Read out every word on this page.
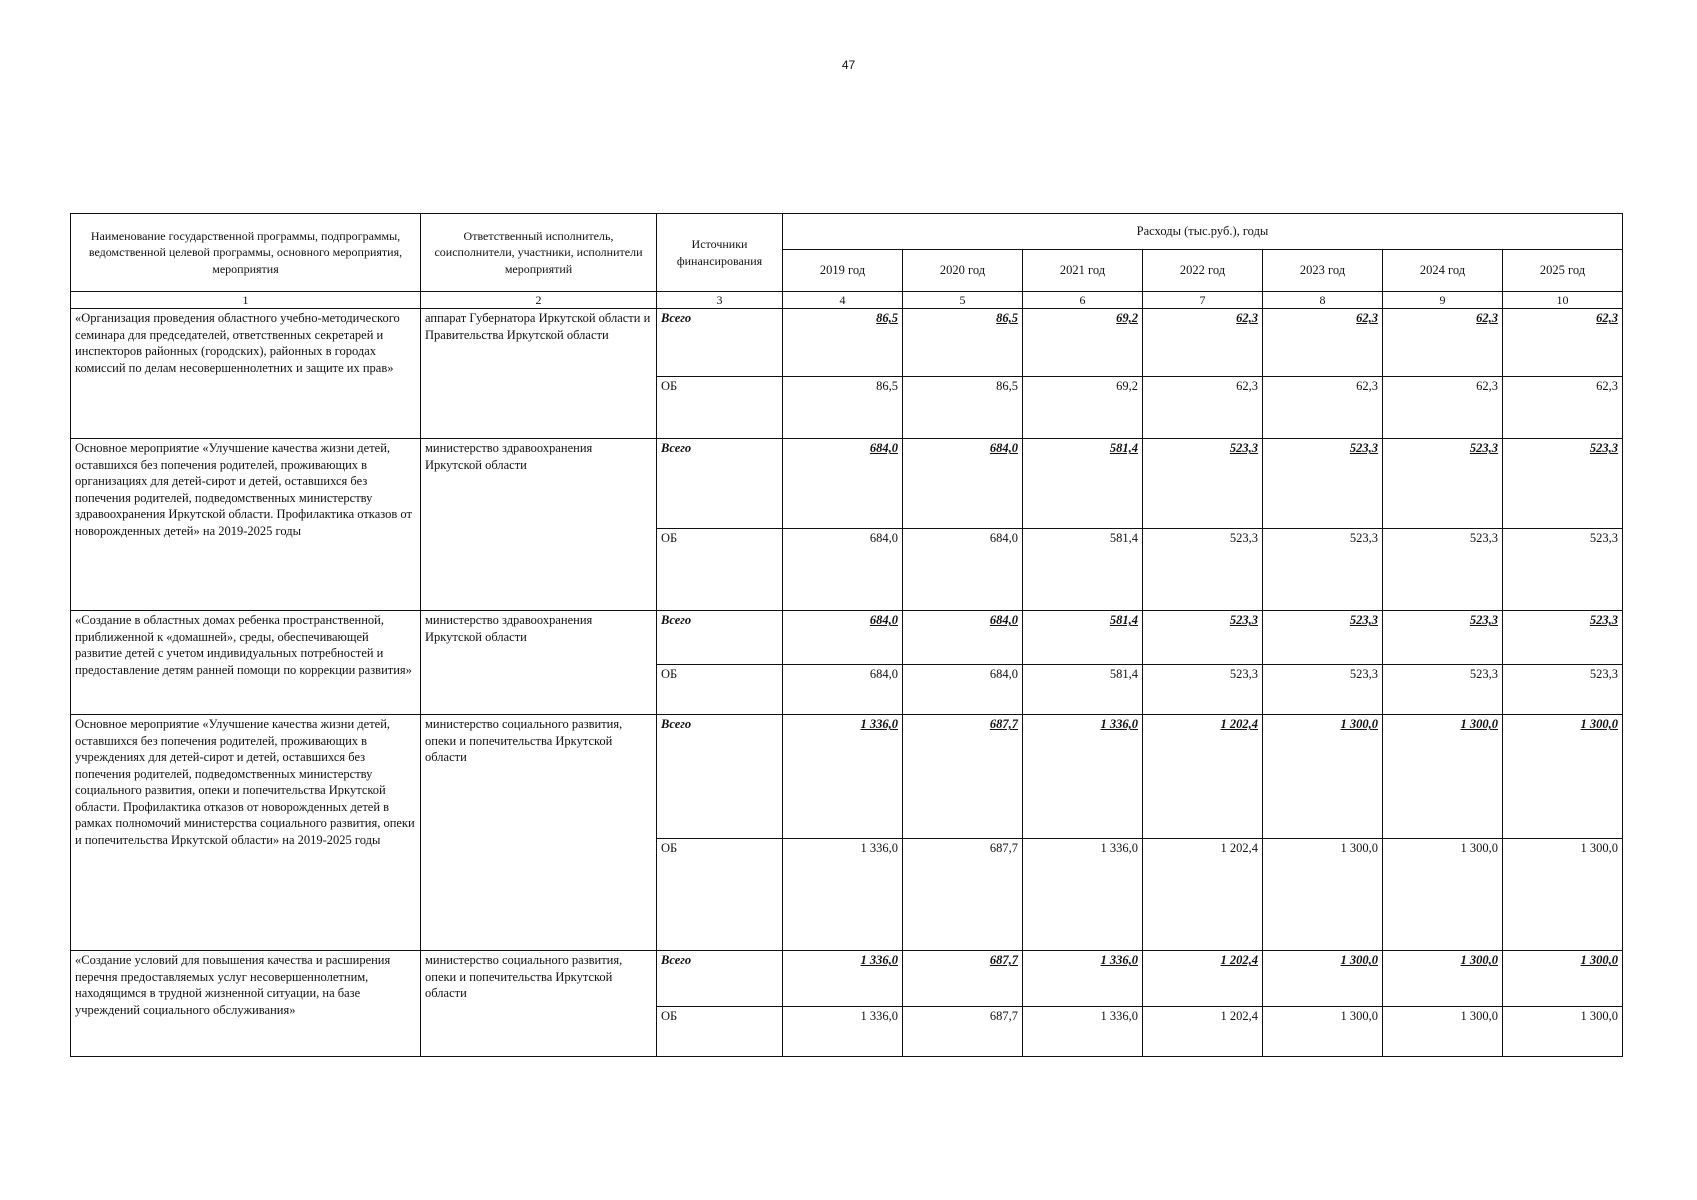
47
Наименование государственной программы, подпрограммы, ведомственной целевой программы, основного мероприятия, мероприятия	Ответственный исполнитель, соисполнители, участники, исполнители мероприятий	Источники финансирования	Расходы (тыс.руб.), годы						
			2019 год	2020 год	2021 год	2022 год	2023 год	2024 год	2025 год
1	2	3	4	5	6	7	8	9	10
«Организация проведения областного учебно-методического семинара для председателей, ответственных секретарей и инспекторов районных (городских), районных в городах комиссий по делам несовершеннолетних и защите их прав»	аппарат Губернатора Иркутской области и Правительства Иркутской области	Всего	86,5	86,5	69,2	62,3	62,3	62,3	62,3
		ОБ	86,5	86,5	69,2	62,3	62,3	62,3	62,3
Основное мероприятие «Улучшение качества жизни детей, оставшихся без попечения родителей, проживающих в организациях для детей-сирот и детей, оставшихся без попечения родителей, подведомственных министерству здравоохранения Иркутской области. Профилактика отказов от новорожденных детей» на 2019-2025 годы	министерство здравоохранения Иркутской области	Всего	684,0	684,0	581,4	523,3	523,3	523,3	523,3
		ОБ	684,0	684,0	581,4	523,3	523,3	523,3	523,3
«Создание в областных домах ребенка пространственной, приближенной к «домашней», среды, обеспечивающей развитие детей с учетом индивидуальных потребностей и предоставление детям ранней помощи по коррекции развития»	министерство здравоохранения Иркутской области	Всего	684,0	684,0	581,4	523,3	523,3	523,3	523,3
		ОБ	684,0	684,0	581,4	523,3	523,3	523,3	523,3
Основное мероприятие «Улучшение качества жизни детей, оставшихся без попечения родителей, проживающих в учреждениях для детей-сирот и детей, оставшихся без попечения родителей, подведомственных министерству социального развития, опеки и попечительства Иркутской области. Профилактика отказов от новорожденных детей в рамках полномочий министерства социального развития, опеки и попечительства Иркутской области» на 2019-2025 годы	министерство социального развития, опеки и попечительства Иркутской области	Всего	1 336,0	687,7	1 336,0	1 202,4	1 300,0	1 300,0	1 300,0
		ОБ	1 336,0	687,7	1 336,0	1 202,4	1 300,0	1 300,0	1 300,0
«Создание условий для повышения качества и расширения перечня предоставляемых услуг несовершеннолетним, находящимся в трудной жизненной ситуации, на базе учреждений социального обслуживания»	министерство социального развития, опеки и попечительства Иркутской области	Всего	1 336,0	687,7	1 336,0	1 202,4	1 300,0	1 300,0	1 300,0
		ОБ	1 336,0	687,7	1 336,0	1 202,4	1 300,0	1 300,0	1 300,0
